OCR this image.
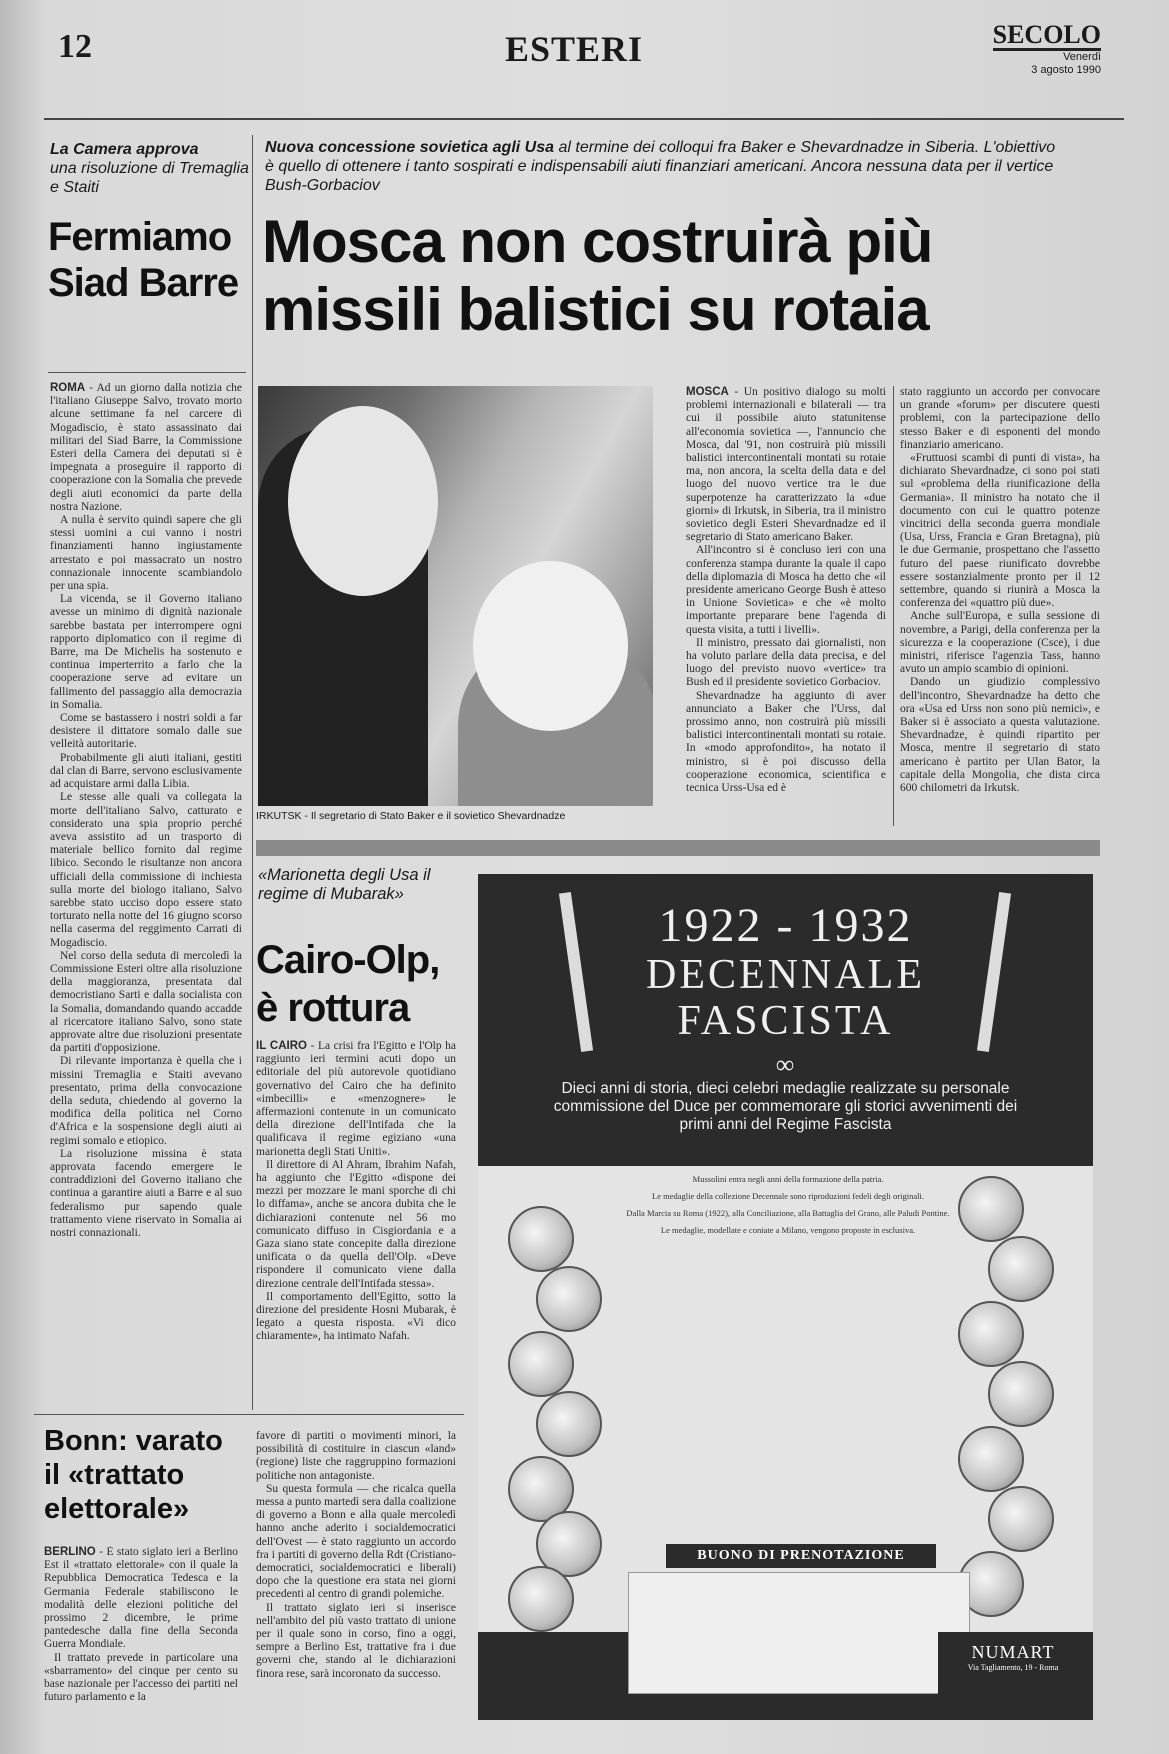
12	ESTERI	SECOLO
Venerdì
3 agosto 1990
La Camera approva
una risoluzione di Tremaglia e Staiti
Fermiamo Siad Barre

ROMA - Ad un giorno dalla notizia che l'italiano Giuseppe Salvo, trovato morto alcune settimane fa nel carcere di Mogadiscio, è stato assassinato dai militari del Siad Barre, la Commissione Esteri della Camera dei deputati si è impegnata a proseguire il rapporto di cooperazione con la Somalia che prevede degli aiuti economici da parte della nostra Nazione.

A nulla è servito quindi sapere che gli stessi uomini a cui vanno i nostri finanziamenti hanno ingiustamente arrestato e poi massacrato un nostro connazionale innocente scambiandolo per una spia.

La vicenda, se il Governo italiano avesse un minimo di dignità nazionale sarebbe bastata per interrompere ogni rapporto diplomatico con il regime di Barre, ma De Michelis ha sostenuto e continua imperterrito a farlo che la cooperazione serve ad evitare un fallimento del passaggio alla democrazia in Somalia.

Come se bastassero i nostri soldi a far desistere il dittatore somalo dalle sue velleità autoritarie.

Probabilmente gli aiuti italiani, gestiti dal clan di Barre, servono esclusivamente ad acquistare armi dalla Libia.

Le stesse alle quali va collegata la morte dell'italiano Salvo, catturato e considerato una spia proprio perché aveva assistito ad un trasporto di materiale bellico fornito dal regime libico. Secondo le risultanze non ancora ufficiali della commissione di inchiesta sulla morte del biologo italiano, Salvo sarebbe stato ucciso dopo essere stato torturato nella notte del 16 giugno scorso nella caserma del reggimento Carrati di Mogadiscio.

Nel corso della seduta di mercoledì la Commissione Esteri oltre alla risoluzione della maggioranza, presentata dal democristiano Sarti e dalla socialista con la Somalia, domandando quando accadde al ricercatore italiano Salvo, sono state approvate altre due risoluzioni presentate da partiti d'opposizione.

Di rilevante importanza è quella che i missini Tremaglia e Staiti avevano presentato, prima della convocazione della seduta, chiedendo al governo la modifica della politica nel Corno d'Africa e la sospensione degli aiuti ai regimi somalo e etiopico.

La risoluzione missina è stata approvata facendo emergere le contraddizioni del Governo italiano che continua a garantire aiuti a Barre e al suo federalismo pur sapendo quale trattamento viene riservato in Somalia ai nostri connazionali.

Nuova concessione sovietica agli Usa al termine dei colloqui fra Baker e Shevardnadze in Siberia. L'obiettivo è quello di ottenere i tanto sospirati e indispensabili aiuti finanziari americani. Ancora nessuna data per il vertice Bush-Gorbaciov
Mosca non costruirà più missili balistici su rotaia
IRKUTSK - Il segretario di Stato Baker e il sovietico Shevardnadze

MOSCA - Un positivo dialogo su molti problemi internazionali e bilaterali — tra cui il possibile aiuto statunitense all'economia sovietica —, l'annuncio che Mosca, dal '91, non costruirà più missili balistici intercontinentali montati su rotaie ma, non ancora, la scelta della data e del luogo del nuovo vertice tra le due superpotenze ha caratterizzato la «due giorni» di Irkutsk, in Siberia, tra il ministro sovietico degli Esteri Shevardnadze ed il segretario di Stato americano Baker.

All'incontro si è concluso ieri con una conferenza stampa durante la quale il capo della diplomazia di Mosca ha detto che «il presidente americano George Bush è atteso in Unione Sovietica» e che «è molto importante preparare bene l'agenda di questa visita, a tutti i livelli».

Il ministro, pressato dai giornalisti, non ha voluto parlare della data precisa, e del luogo del previsto nuovo «vertice» tra Bush ed il presidente sovietico Gorbaciov.

Shevardnadze ha aggiunto di aver annunciato a Baker che l'Urss, dal prossimo anno, non costruirà più missili balistici intercontinentali montati su rotaie. In «modo approfondito», ha notato il ministro, si è poi discusso della cooperazione economica, scientifica e tecnica Urss-Usa ed è

stato raggiunto un accordo per convocare un grande «forum» per discutere questi problemi, con la partecipazione dello stesso Baker e di esponenti del mondo finanziario americano.

«Fruttuosi scambi di punti di vista», ha dichiarato Shevardnadze, ci sono poi stati sul «problema della riunificazione della Germania». Il ministro ha notato che il documento con cui le quattro potenze vincitrici della seconda guerra mondiale (Usa, Urss, Francia e Gran Bretagna), più le due Germanie, prospettano che l'assetto futuro del paese riunificato dovrebbe essere sostanzialmente pronto per il 12 settembre, quando si riunirà a Mosca la conferenza dei «quattro più due».

Anche sull'Europa, e sulla sessione di novembre, a Parigi, della conferenza per la sicurezza e la cooperazione (Csce), i due ministri, riferisce l'agenzia Tass, hanno avuto un ampio scambio di opinioni.

Dando un giudizio complessivo dell'incontro, Shevardnadze ha detto che ora «Usa ed Urss non sono più nemici», e Baker si è associato a questa valutazione. Shevardnadze, è quindi ripartito per Mosca, mentre il segretario di stato americano è partito per Ulan Bator, la capitale della Mongolia, che dista circa 600 chilometri da Irkutsk.

«Marionetta degli Usa il regime di Mubarak»
Cairo-Olp, è rottura

IL CAIRO - La crisi fra l'Egitto e l'Olp ha raggiunto ieri termini acuti dopo un editoriale del più autorevole quotidiano governativo del Cairo che ha definito «imbecilli» e «menzognere» le affermazioni contenute in un comunicato della direzione dell'Intifada che la qualificava il regime egiziano «una marionetta degli Stati Uniti».

Il direttore di Al Ahram, Ibrahim Nafah, ha aggiunto che l'Egitto «dispone dei mezzi per mozzare le mani sporche di chi lo diffama», anche se ancora dubita che le dichiarazioni contenute nel 56 mo comunicato diffuso in Cisgiordania e a Gaza siano state concepite dalla direzione unificata o da quella dell'Olp. «Deve rispondere il comunicato viene dalla direzione centrale dell'Intifada stessa».

Il comportamento dell'Egitto, sotto la direzione del presidente Hosni Mubarak, è legato a questa risposta. «Vi dico chiaramente», ha intimato Nafah.

Bonn: varato il «trattato elettorale»

BERLINO - È stato siglato ieri a Berlino Est il «trattato elettorale» con il quale la Repubblica Democratica Tedesca e la Germania Federale stabiliscono le modalità delle elezioni politiche del prossimo 2 dicembre, le prime pantedesche dalla fine della Seconda Guerra Mondiale.

Il trattato prevede in particolare una «sbarramento» del cinque per cento su base nazionale per l'accesso dei partiti nel futuro parlamento e la

favore di partiti o movimenti minori, la possibilità di costituire in ciascun «land» (regione) liste che raggruppino formazioni politiche non antagoniste.

Su questa formula — che ricalca quella messa a punto martedì sera dalla coalizione di governo a Bonn e alla quale mercoledì hanno anche aderito i socialdemocratici dell'Ovest — è stato raggiunto un accordo fra i partiti di governo della Rdt (Cristiano-democratici, socialdemocratici e liberali) dopo che la questione era stata nei giorni precedenti al centro di grandi polemiche.

Il trattato siglato ieri si inserisce nell'ambito del più vasto trattato di unione per il quale sono in corso, fino a oggi, sempre a Berlino Est, trattative fra i due governi che, stando al le dichiarazioni finora rese, sarà incoronato da successo.

1922 - 1932
DECENNALE
FASCISTA
∞
Dieci anni di storia, dieci celebri medaglie realizzate su personale commissione del Duce per commemorare gli storici avvenimenti dei primi anni del Regime Fascista

Mussolini entra negli anni della formazione della patria.

Le medaglie della collezione Decennale sono riproduzioni fedeli degli originali.

Dalla Marcia su Roma (1922), alla Conciliazione, alla Battaglia del Grano, alle Paludi Pontine.

Le medaglie, modellate e coniate a Milano, vengono proposte in esclusiva.

BUONO DI PRENOTAZIONE
NUMART
Via Tagliamento, 19 - Roma
